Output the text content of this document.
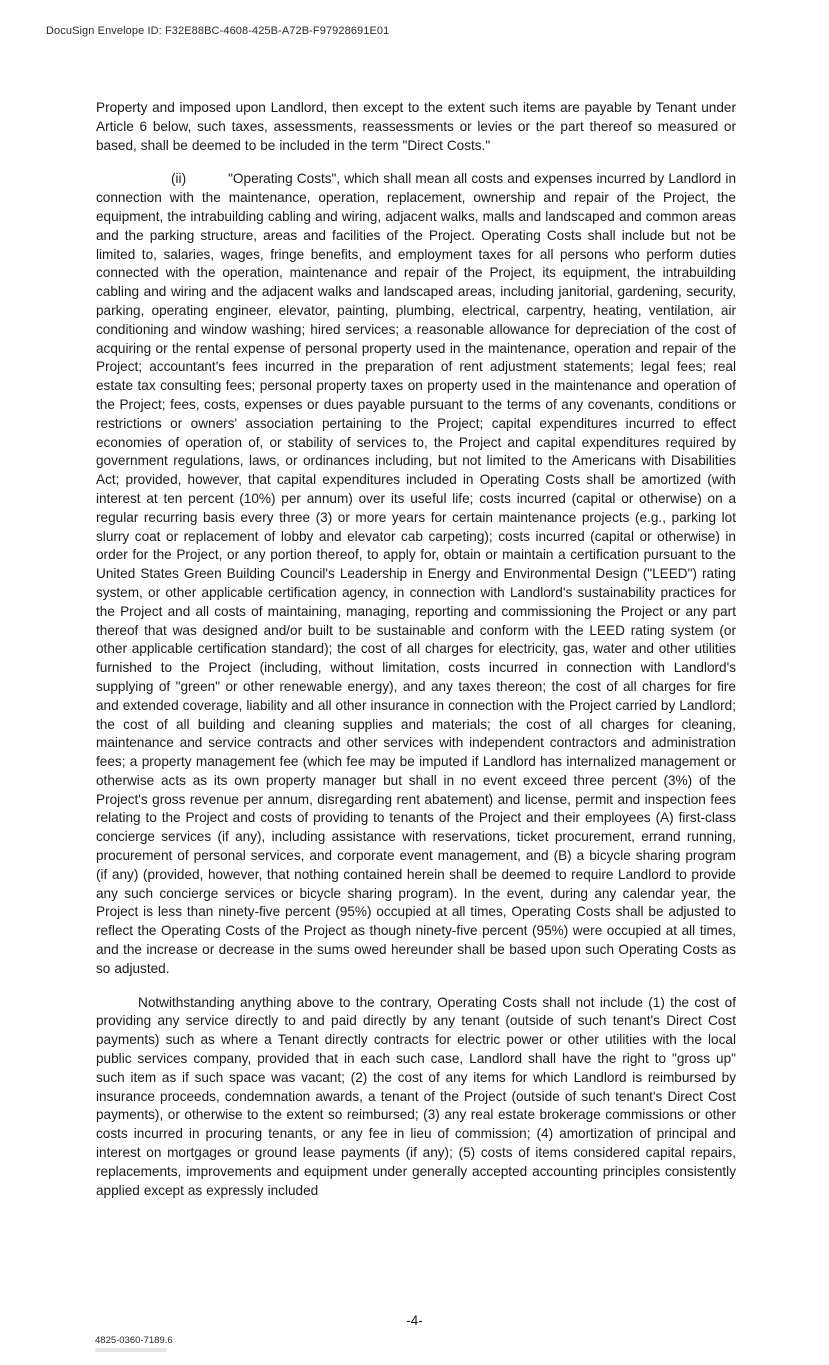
DocuSign Envelope ID: F32E88BC-4608-425B-A72B-F97928691E01

Property and imposed upon Landlord, then except to the extent such items are payable by Tenant under Article 6 below, such taxes, assessments, reassessments or levies or the part thereof so measured or based, shall be deemed to be included in the term "Direct Costs."

(ii)	"Operating Costs", which shall mean all costs and expenses incurred by Landlord in connection with the maintenance, operation, replacement, ownership and repair of the Project, the equipment, the intrabuilding cabling and wiring, adjacent walks, malls and landscaped and common areas and the parking structure, areas and facilities of the Project. Operating Costs shall include but not be limited to, salaries, wages, fringe benefits, and employment taxes for all persons who perform duties connected with the operation, maintenance and repair of the Project, its equipment, the intrabuilding cabling and wiring and the adjacent walks and landscaped areas, including janitorial, gardening, security, parking, operating engineer, elevator, painting, plumbing, electrical, carpentry, heating, ventilation, air conditioning and window washing; hired services; a reasonable allowance for depreciation of the cost of acquiring or the rental expense of personal property used in the maintenance, operation and repair of the Project; accountant's fees incurred in the preparation of rent adjustment statements; legal fees; real estate tax consulting fees; personal property taxes on property used in the maintenance and operation of the Project; fees, costs, expenses or dues payable pursuant to the terms of any covenants, conditions or restrictions or owners' association pertaining to the Project; capital expenditures incurred to effect economies of operation of, or stability of services to, the Project and capital expenditures required by government regulations, laws, or ordinances including, but not limited to the Americans with Disabilities Act; provided, however, that capital expenditures included in Operating Costs shall be amortized (with interest at ten percent (10%) per annum) over its useful life; costs incurred (capital or otherwise) on a regular recurring basis every three (3) or more years for certain maintenance projects (e.g., parking lot slurry coat or replacement of lobby and elevator cab carpeting); costs incurred (capital or otherwise) in order for the Project, or any portion thereof, to apply for, obtain or maintain a certification pursuant to the United States Green Building Council's Leadership in Energy and Environmental Design ("LEED") rating system, or other applicable certification agency, in connection with Landlord's sustainability practices for the Project and all costs of maintaining, managing, reporting and commissioning the Project or any part thereof that was designed and/or built to be sustainable and conform with the LEED rating system (or other applicable certification standard); the cost of all charges for electricity, gas, water and other utilities furnished to the Project (including, without limitation, costs incurred in connection with Landlord's supplying of "green" or other renewable energy), and any taxes thereon; the cost of all charges for fire and extended coverage, liability and all other insurance in connection with the Project carried by Landlord; the cost of all building and cleaning supplies and materials; the cost of all charges for cleaning, maintenance and service contracts and other services with independent contractors and administration fees; a property management fee (which fee may be imputed if Landlord has internalized management or otherwise acts as its own property manager but shall in no event exceed three percent (3%) of the Project's gross revenue per annum, disregarding rent abatement) and license, permit and inspection fees relating to the Project and costs of providing to tenants of the Project and their employees (A) first-class concierge services (if any), including assistance with reservations, ticket procurement, errand running, procurement of personal services, and corporate event management, and (B) a bicycle sharing program (if any) (provided, however, that nothing contained herein shall be deemed to require Landlord to provide any such concierge services or bicycle sharing program). In the event, during any calendar year, the Project is less than ninety-five percent (95%) occupied at all times, Operating Costs shall be adjusted to reflect the Operating Costs of the Project as though ninety-five percent (95%) were occupied at all times, and the increase or decrease in the sums owed hereunder shall be based upon such Operating Costs as so adjusted.

Notwithstanding anything above to the contrary, Operating Costs shall not include (1) the cost of providing any service directly to and paid directly by any tenant (outside of such tenant's Direct Cost payments) such as where a Tenant directly contracts for electric power or other utilities with the local public services company, provided that in each such case, Landlord shall have the right to "gross up" such item as if such space was vacant; (2) the cost of any items for which Landlord is reimbursed by insurance proceeds, condemnation awards, a tenant of the Project (outside of such tenant's Direct Cost payments), or otherwise to the extent so reimbursed; (3) any real estate brokerage commissions or other costs incurred in procuring tenants, or any fee in lieu of commission; (4) amortization of principal and interest on mortgages or ground lease payments (if any); (5) costs of items considered capital repairs, replacements, improvements and equipment under generally accepted accounting principles consistently applied except as expressly included

-4-
4825-0360-7189.6
